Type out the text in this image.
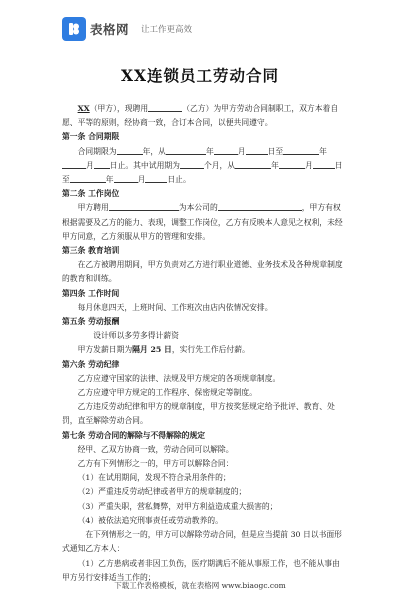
表格网 让工作更高效
XX连锁员工劳动合同

XX（甲方），现聘用	（乙方）为甲方劳动合同制职工，双方本着自愿、平等的原则，经协商一致，合订本合同，以便共同遵守。

第一条 合同期限

合同期限为	年，从	年	月	日至	年月 日止。其中试用期为	个月，从	年	月	日至	年	月	日止。

第二条 工作岗位

甲方聘用	为本公司的	，甲方有权根据需要及乙方的能力、表现，调整工作岗位，乙方有反映本人意见之权利，未经甲方同意，乙方须服从甲方的管理和安排。

第三条 教育培训

在乙方被聘用期间，甲方负责对乙方进行职业道德、业务技术及各种规章制度的教育和训练。

第四条 工作时间

每月休息四天，上班时间、工作班次由店内依情况安排。

第五条 劳动报酬

设计师以多劳多得计薪资

甲方发薪日期为隔月 25 日，实行先工作后付薪。

第六条 劳动纪律

乙方应遵守国家的法律、法规及甲方规定的各项规章制度。

乙方应遵守甲方规定的工作程序、保密规定等制度。

乙方违反劳动纪律和甲方的规章制度，甲方按奖惩规定给予批评、教育、处罚，直至解除劳动合同。

第七条 劳动合同的解除与不得解除的规定

经甲、乙双方协商一致，劳动合同可以解除。

乙方有下列情形之一的，甲方可以解除合同：

（1）在试用期间，发现不符合录用条件的；

（2）严重违反劳动纪律或者甲方的规章制度的；

（3）严重失职，营私舞弊，对甲方利益造成重大损害的；

（4）被依法追究刑事责任或劳动教养的。

在下列情形之一的，甲方可以解除劳动合同，但是应当提前 30 日以书面形式通知乙方本人：

（1）乙方患病或者非因工负伤，医疗期满后不能从事原工作，也不能从事由甲方另行安排适当工作的；

下载工作表格模板，就在表格网 www.biaogc.com
